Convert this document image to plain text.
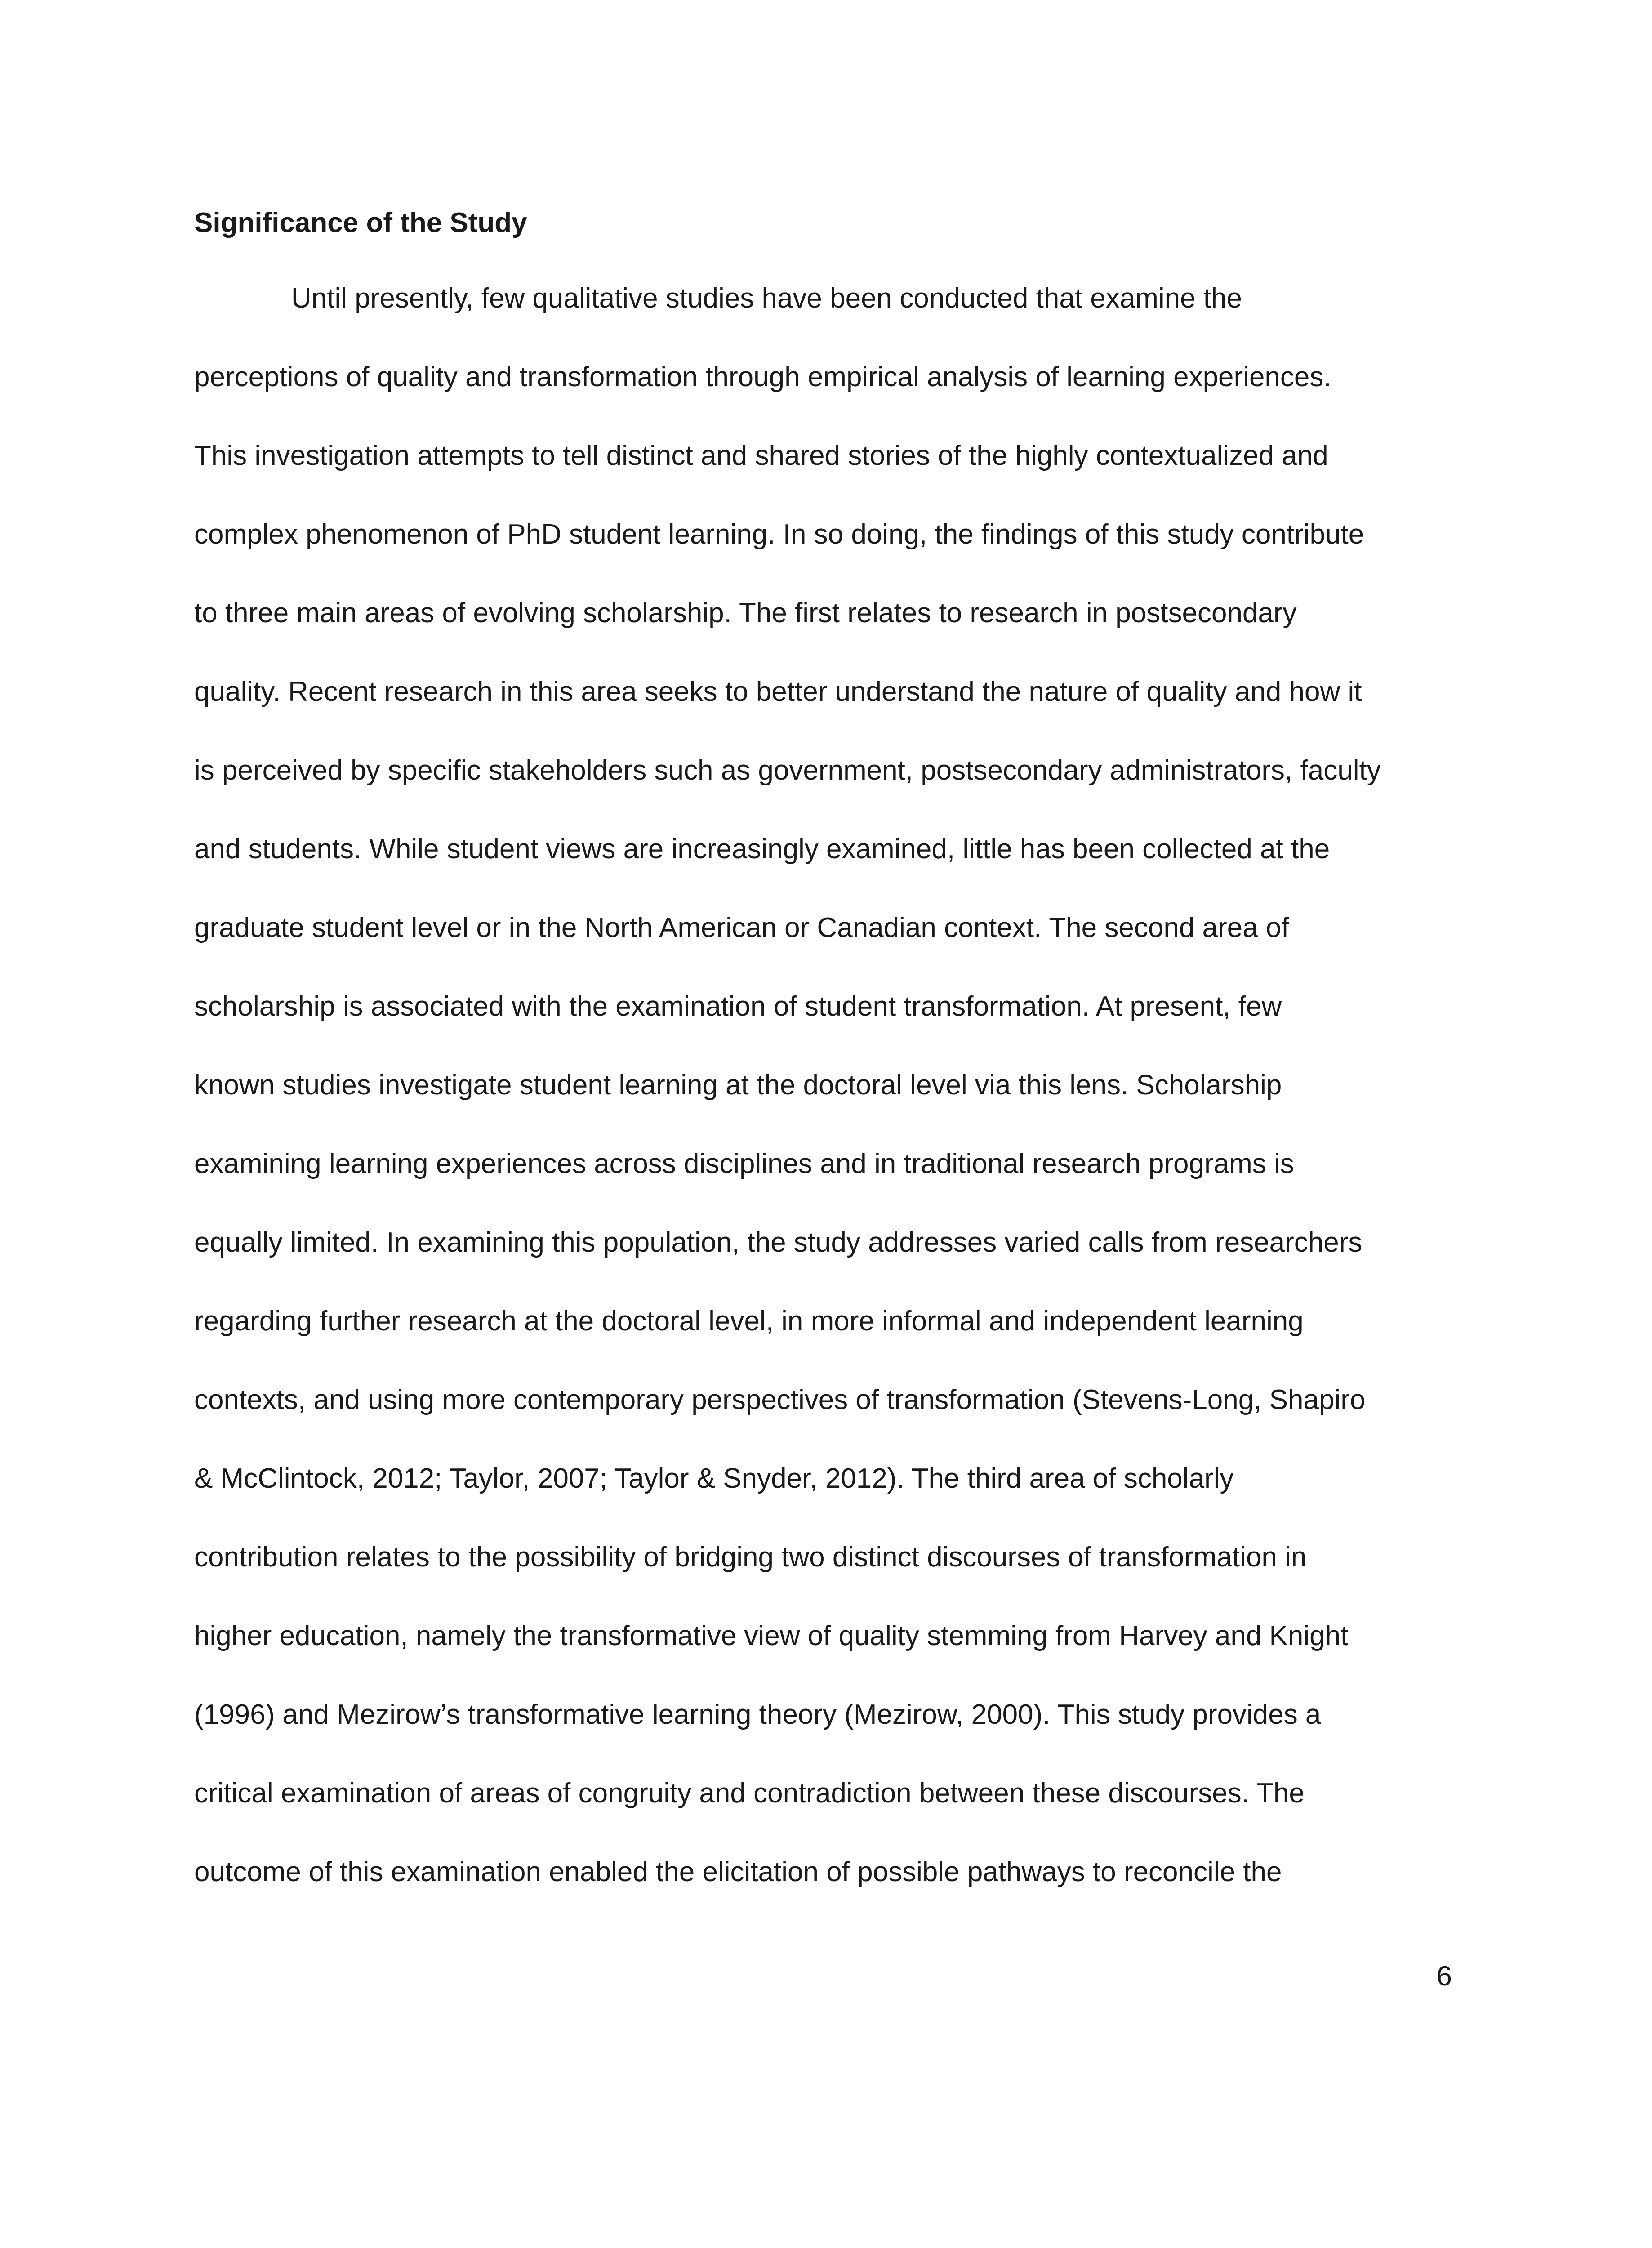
Significance of the Study

Until presently, few qualitative studies have been conducted that examine the

perceptions of quality and transformation through empirical analysis of learning experiences.

This investigation attempts to tell distinct and shared stories of the highly contextualized and

complex phenomenon of PhD student learning. In so doing, the findings of this study contribute

to three main areas of evolving scholarship. The first relates to research in postsecondary

quality. Recent research in this area seeks to better understand the nature of quality and how it

is perceived by specific stakeholders such as government, postsecondary administrators, faculty

and students. While student views are increasingly examined, little has been collected at the

graduate student level or in the North American or Canadian context. The second area of

scholarship is associated with the examination of student transformation. At present, few

known studies investigate student learning at the doctoral level via this lens. Scholarship

examining learning experiences across disciplines and in traditional research programs is

equally limited. In examining this population, the study addresses varied calls from researchers

regarding further research at the doctoral level, in more informal and independent learning

contexts, and using more contemporary perspectives of transformation (Stevens-Long, Shapiro

& McClintock, 2012; Taylor, 2007; Taylor & Snyder, 2012). The third area of scholarly

contribution relates to the possibility of bridging two distinct discourses of transformation in

higher education, namely the transformative view of quality stemming from Harvey and Knight

(1996) and Mezirow’s transformative learning theory (Mezirow, 2000). This study provides a

critical examination of areas of congruity and contradiction between these discourses. The

outcome of this examination enabled the elicitation of possible pathways to reconcile the

6
